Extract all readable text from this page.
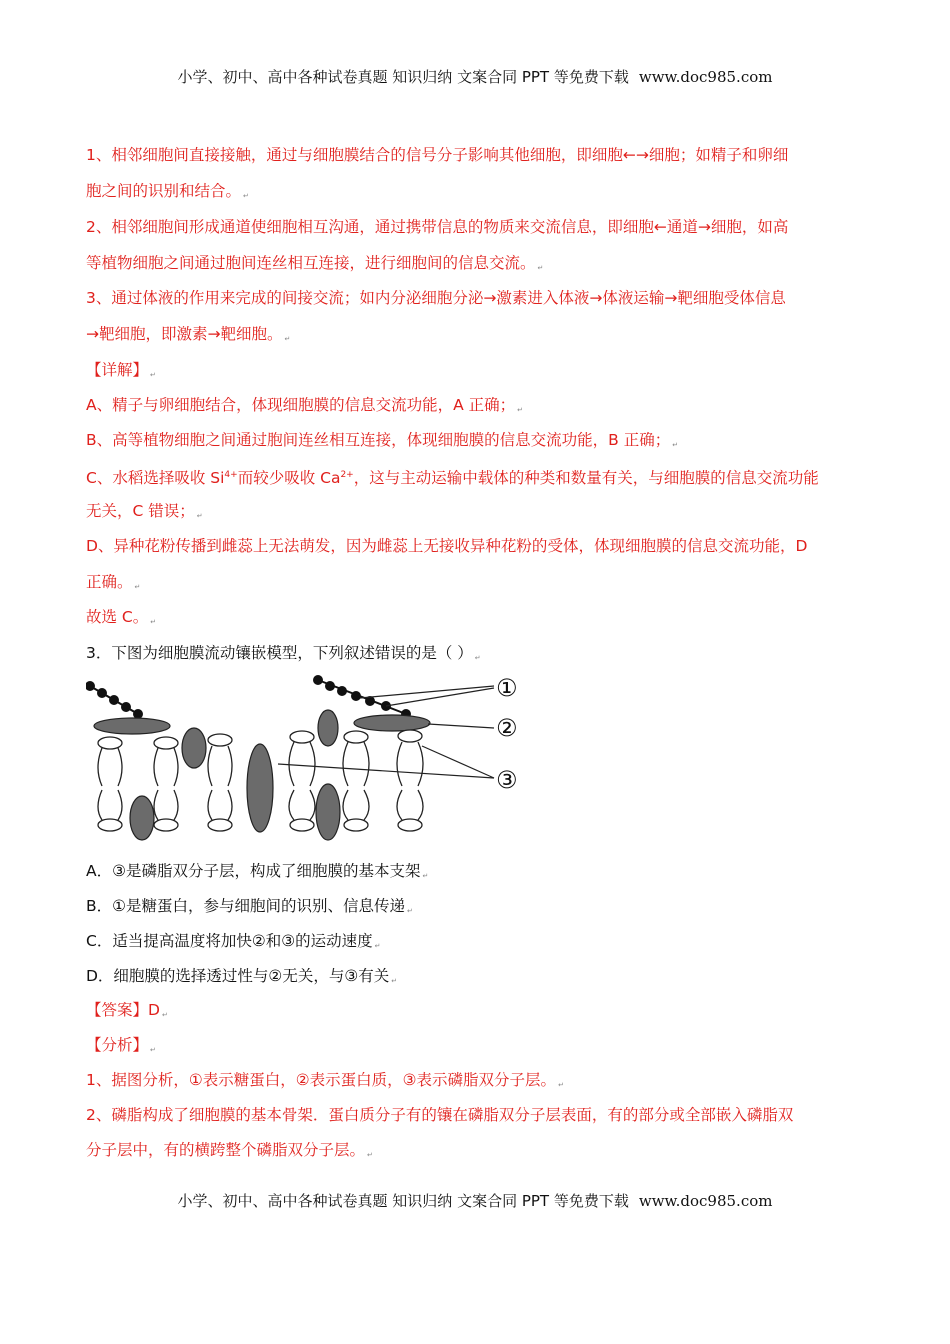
小学、初中、高中各种试卷真题 知识归纳 文案合同 PPT 等免费下载 www.doc985.com
1、相邻细胞间直接接触，通过与细胞膜结合的信号分子影响其他细胞，即细胞←→细胞；如精子和卵细
胞之间的识别和结合。 ↵
2、相邻细胞间形成通道使细胞相互沟通，通过携带信息的物质来交流信息，即细胞←通道→细胞，如高
等植物细胞之间通过胞间连丝相互连接，进行细胞间的信息交流。 ↵
3、通过体液的作用来完成的间接交流；如内分泌细胞分泌→激素进入体液→体液运输→靶细胞受体信息
→靶细胞，即激素→靶细胞。 ↵
【详解】 ↵
A、精子与卵细胞结合，体现细胞膜的信息交流功能，A 正确； ↵
B、高等植物细胞之间通过胞间连丝相互连接，体现细胞膜的信息交流功能，B 正确； ↵
C、水稻选择吸收 $Si^{4+}$而较少吸收 $Ca^{2+}$，这与主动运输中载体的种类和数量有关，与细胞膜的信息交流功能
无关，C 错误； ↵
D、异种花粉传播到雌蕊上无法萌发，因为雌蕊上无接收异种花粉的受体，体现细胞膜的信息交流功能，D
正确。 ↵
故选 C。 ↵
3．下图为细胞膜流动镶嵌模型，下列叙述错误的是（ ） ↵
①
②
③
A．③是磷脂双分子层，构成了细胞膜的基本支架 ↵
B．①是糖蛋白，参与细胞间的识别、信息传递 ↵
C．适当提高温度将加快②和③的运动速度 ↵
D．细胞膜的选择透过性与②无关，与③有关 ↵
【答案】D ↵
【分析】 ↵
1、据图分析，①表示糖蛋白，②表示蛋白质，③表示磷脂双分子层。 ↵
2、磷脂构成了细胞膜的基本骨架．蛋白质分子有的镶在磷脂双分子层表面，有的部分或全部嵌入磷脂双
分子层中，有的横跨整个磷脂双分子层。 ↵
小学、初中、高中各种试卷真题 知识归纳 文案合同 PPT 等免费下载 www.doc985.com
